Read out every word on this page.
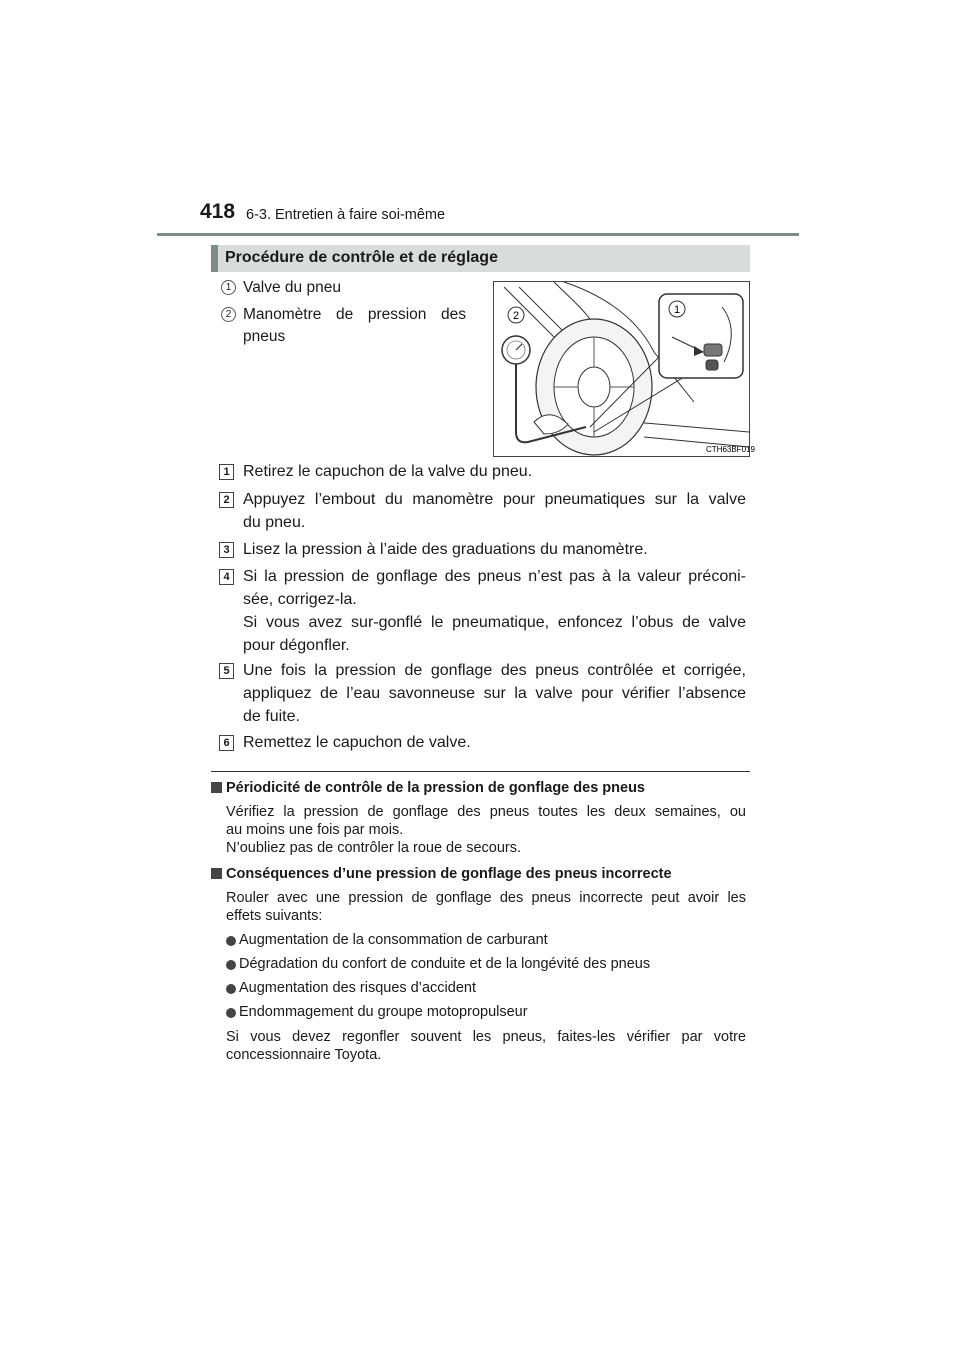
418 6-3. Entretien à faire soi-même
Procédure de contrôle et de réglage
1 Valve du pneu
2 Manomètre de pression des
pneus
2	1
CTH63BF019
1 Retirez le capuchon de la valve du pneu.
2 Appuyez l’embout du manomètre pour pneumatiques sur la valve
du pneu.
3 Lisez la pression à l’aide des graduations du manomètre.
4 Si la pression de gonflage des pneus n’est pas à la valeur préconi-
sée, corrigez-la.
Si vous avez sur-gonflé le pneumatique, enfoncez l’obus de valve
pour dégonfler.
5 Une fois la pression de gonflage des pneus contrôlée et corrigée,
appliquez de l’eau savonneuse sur la valve pour vérifier l’absence
de fuite.
6 Remettez le capuchon de valve.
Périodicité de contrôle de la pression de gonflage des pneus
Vérifiez la pression de gonflage des pneus toutes les deux semaines, ou
au moins une fois par mois.
N’oubliez pas de contrôler la roue de secours.
Conséquences d’une pression de gonflage des pneus incorrecte
Rouler avec une pression de gonflage des pneus incorrecte peut avoir les
effets suivants:
Augmentation de la consommation de carburant
Dégradation du confort de conduite et de la longévité des pneus
Augmentation des risques d’accident
Endommagement du groupe motopropulseur
Si vous devez regonfler souvent les pneus, faites-les vérifier par votre
concessionnaire Toyota.
